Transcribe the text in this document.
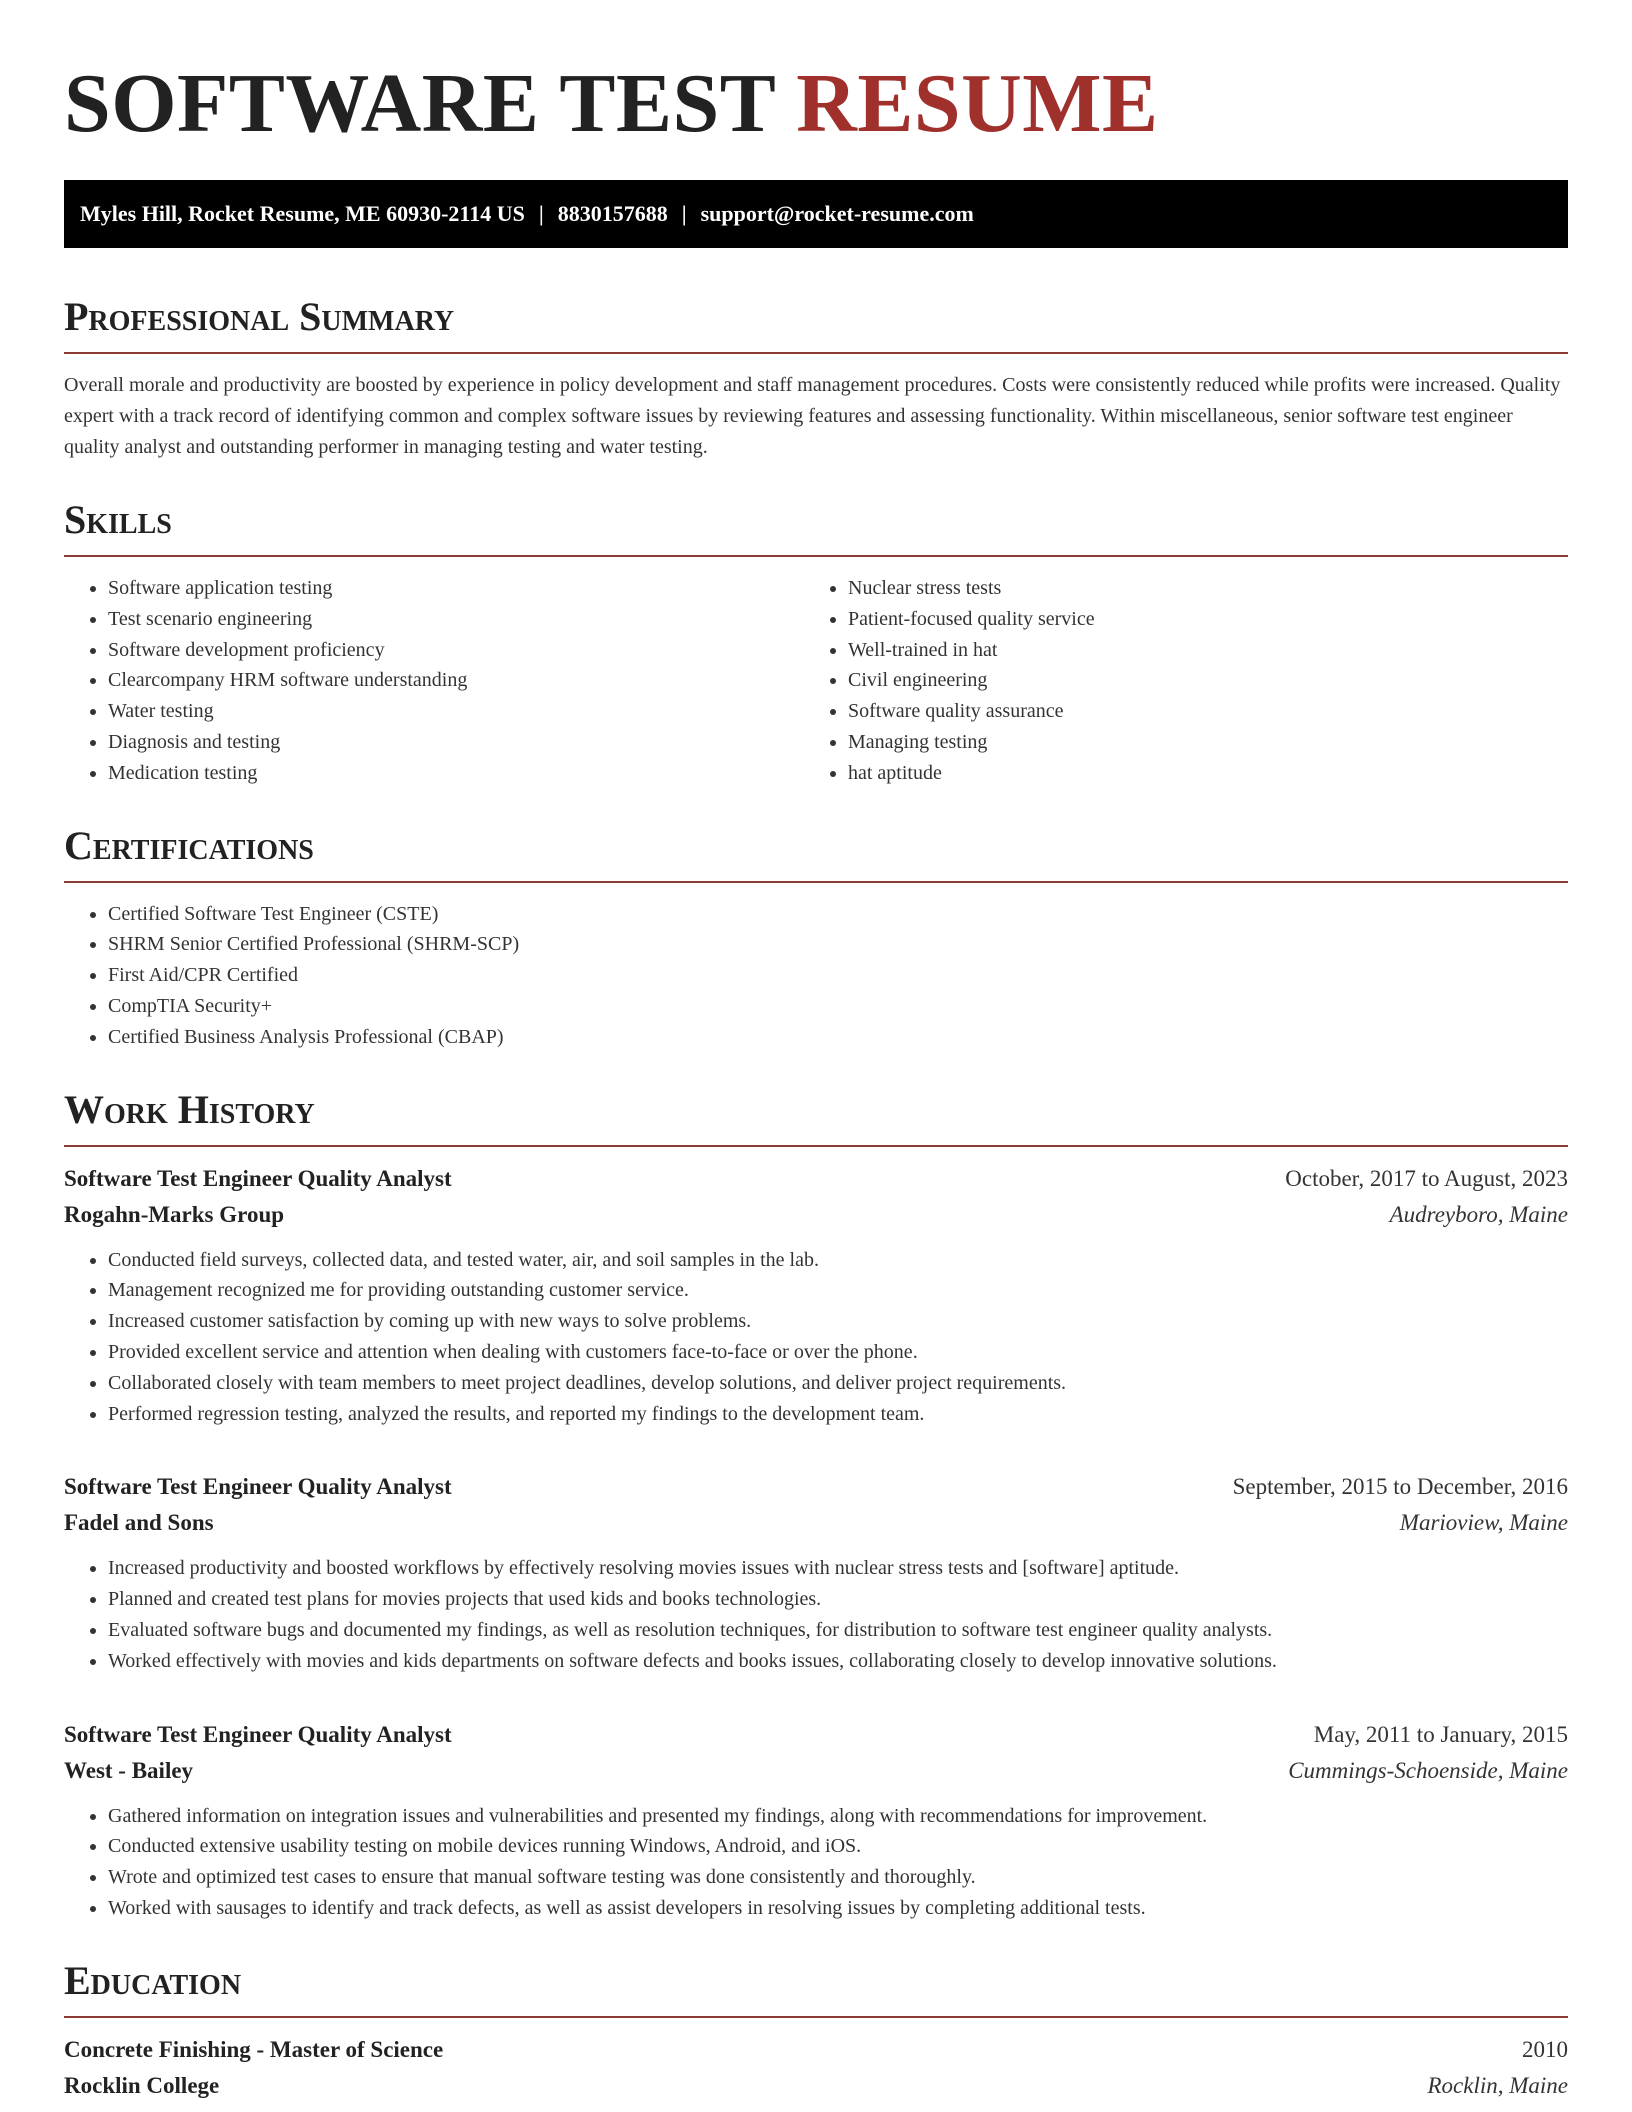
SOFTWARE TEST RESUME
Myles Hill, Rocket Resume, ME 60930-2114 US | 8830157688 | support@rocket-resume.com
Professional Summary
Overall morale and productivity are boosted by experience in policy development and staff management procedures. Costs were consistently reduced while profits were increased. Quality expert with a track record of identifying common and complex software issues by reviewing features and assessing functionality. Within miscellaneous, senior software test engineer quality analyst and outstanding performer in managing testing and water testing.
Skills
• Software application testing
• Test scenario engineering
• Software development proficiency
• Clearcompany HRM software understanding
• Water testing
• Diagnosis and testing
• Medication testing
• Nuclear stress tests
• Patient-focused quality service
• Well-trained in hat
• Civil engineering
• Software quality assurance
• Managing testing
• hat aptitude
Certifications
• Certified Software Test Engineer (CSTE)
• SHRM Senior Certified Professional (SHRM-SCP)
• First Aid/CPR Certified
• CompTIA Security+
• Certified Business Analysis Professional (CBAP)
Work History
Software Test Engineer Quality Analyst	October, 2017 to August, 2023
Rogahn-Marks Group	Audreyboro, Maine
• Conducted field surveys, collected data, and tested water, air, and soil samples in the lab.
• Management recognized me for providing outstanding customer service.
• Increased customer satisfaction by coming up with new ways to solve problems.
• Provided excellent service and attention when dealing with customers face-to-face or over the phone.
• Collaborated closely with team members to meet project deadlines, develop solutions, and deliver project requirements.
• Performed regression testing, analyzed the results, and reported my findings to the development team.
Software Test Engineer Quality Analyst	September, 2015 to December, 2016
Fadel and Sons	Marioview, Maine
• Increased productivity and boosted workflows by effectively resolving movies issues with nuclear stress tests and [software] aptitude.
• Planned and created test plans for movies projects that used kids and books technologies.
• Evaluated software bugs and documented my findings, as well as resolution techniques, for distribution to software test engineer quality analysts.
• Worked effectively with movies and kids departments on software defects and books issues, collaborating closely to develop innovative solutions.
Software Test Engineer Quality Analyst	May, 2011 to January, 2015
West - Bailey	Cummings-Schoenside, Maine
• Gathered information on integration issues and vulnerabilities and presented my findings, along with recommendations for improvement.
• Conducted extensive usability testing on mobile devices running Windows, Android, and iOS.
• Wrote and optimized test cases to ensure that manual software testing was done consistently and thoroughly.
• Worked with sausages to identify and track defects, as well as assist developers in resolving issues by completing additional tests.
Education
Concrete Finishing - Master of Science	2010
Rocklin College	Rocklin, Maine
